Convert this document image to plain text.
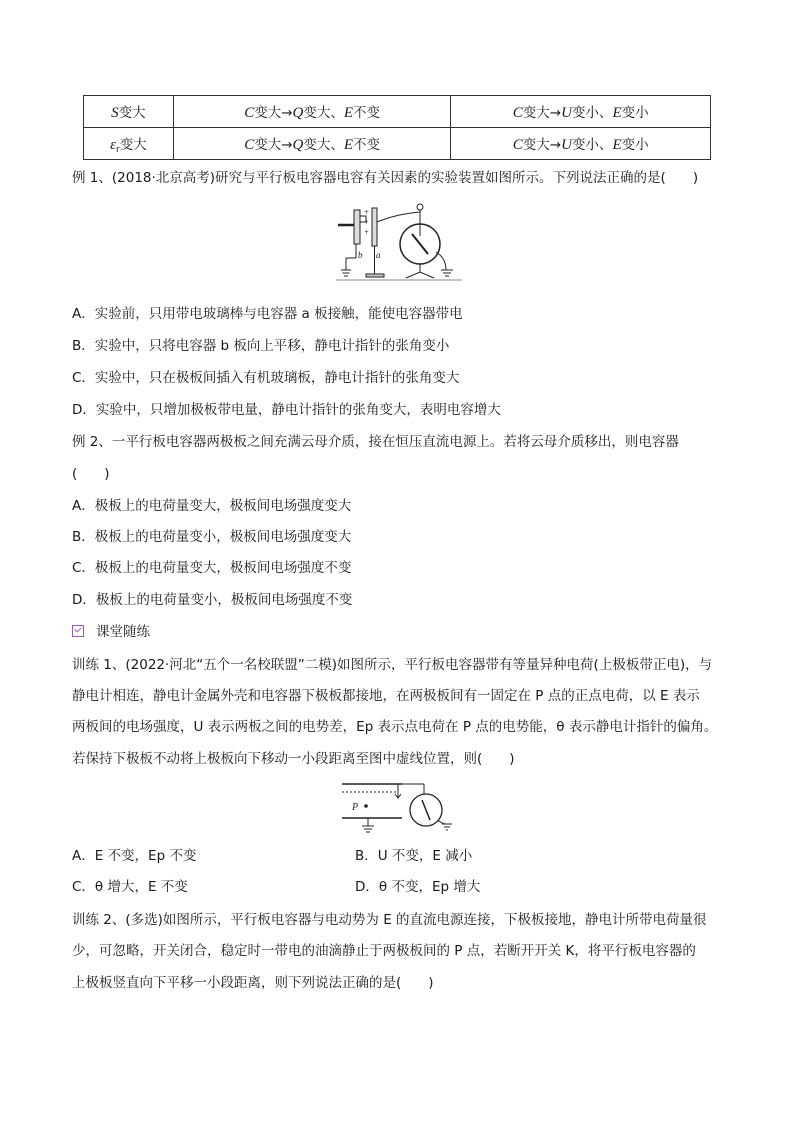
S变大	C变大→Q变大、E不变	C变大→U变小、E变小
$\varepsilon_r$变大	C变大→Q变大、E不变	C变大→U变小、E变小
例 1、(2018·北京高考)研究与平行板电容器电容有关因素的实验装置如图所示。下列说法正确的是(　　)
+
+
+
b a
A．实验前，只用带电玻璃棒与电容器 a 板接触，能使电容器带电
B．实验中，只将电容器 b 板向上平移，静电计指针的张角变小
C．实验中，只在极板间插入有机玻璃板，静电计指针的张角变大
D．实验中，只增加极板带电量，静电计指针的张角变大，表明电容增大
例 2、一平行板电容器两极板之间充满云母介质，接在恒压直流电源上。若将云母介质移出，则电容器
(　　)
A．极板上的电荷量变大，极板间电场强度变大
B．极板上的电荷量变小，极板间电场强度变大
C．极板上的电荷量变大，极板间电场强度不变
D．极板上的电荷量变小，极板间电场强度不变
课堂随练
训练 1、(2022·河北“五个一名校联盟”二模)如图所示，平行板电容器带有等量异种电荷(上极板带正电)，与
静电计相连，静电计金属外壳和电容器下极板都接地，在两极板间有一固定在 P 点的正点电荷，以 E 表示
两板间的电场强度，U 表示两板之间的电势差，Ep 表示点电荷在 P 点的电势能，θ 表示静电计指针的偏角。
若保持下极板不动将上极板向下移动一小段距离至图中虚线位置，则(　　)
P
A．E 不变，Ep 不变	B．U 不变，E 减小
C．θ 增大，E 不变	D．θ 不变，Ep 增大
训练 2、(多选)如图所示，平行板电容器与电动势为 E 的直流电源连接，下极板接地，静电计所带电荷量很
少，可忽略，开关闭合，稳定时一带电的油滴静止于两极板间的 P 点，若断开开关 K，将平行板电容器的
上极板竖直向下平移一小段距离，则下列说法正确的是(　　)
